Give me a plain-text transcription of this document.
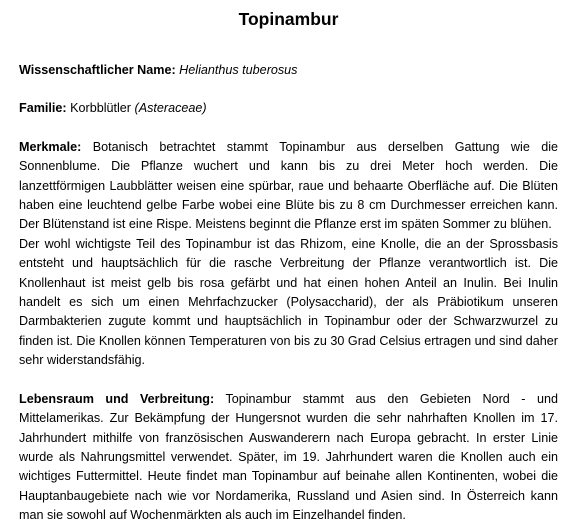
Topinambur

Wissenschaftlicher Name: Helianthus tuberosus

Familie: Korbblütler (Asteraceae)

Merkmale: Botanisch betrachtet stammt Topinambur aus derselben Gattung wie die Sonnenblume. Die Pflanze wuchert und kann bis zu drei Meter hoch werden. Die lanzettförmigen Laubblätter weisen eine spürbar, raue und behaarte Oberfläche auf. Die Blüten haben eine leuchtend gelbe Farbe wobei eine Blüte bis zu 8 cm Durchmesser erreichen kann. Der Blütenstand ist eine Rispe. Meistens beginnt die Pflanze erst im späten Sommer zu blühen.

Der wohl wichtigste Teil des Topinambur ist das Rhizom, eine Knolle, die an der Sprossbasis entsteht und hauptsächlich für die rasche Verbreitung der Pflanze verantwortlich ist. Die Knollenhaut ist meist gelb bis rosa gefärbt und hat einen hohen Anteil an Inulin. Bei Inulin handelt es sich um einen Mehrfachzucker (Polysaccharid), der als Präbiotikum unseren Darmbakterien zugute kommt und hauptsächlich in Topinambur oder der Schwarzwurzel zu finden ist. Die Knollen können Temperaturen von bis zu 30 Grad Celsius ertragen und sind daher sehr widerstandsfähig.

Lebensraum und Verbreitung: Topinambur stammt aus den Gebieten Nord - und Mittelamerikas. Zur Bekämpfung der Hungersnot wurden die sehr nahrhaften Knollen im 17. Jahrhundert mithilfe von französischen Auswanderern nach Europa gebracht. In erster Linie wurde als Nahrungsmittel verwendet. Später, im 19. Jahrhundert waren die Knollen auch ein wichtiges Futtermittel. Heute findet man Topinambur auf beinahe allen Kontinenten, wobei die Hauptanbaugebiete nach wie vor Nordamerika, Russland und Asien sind. In Österreich kann man sie sowohl auf Wochenmärkten als auch im Einzelhandel finden.
